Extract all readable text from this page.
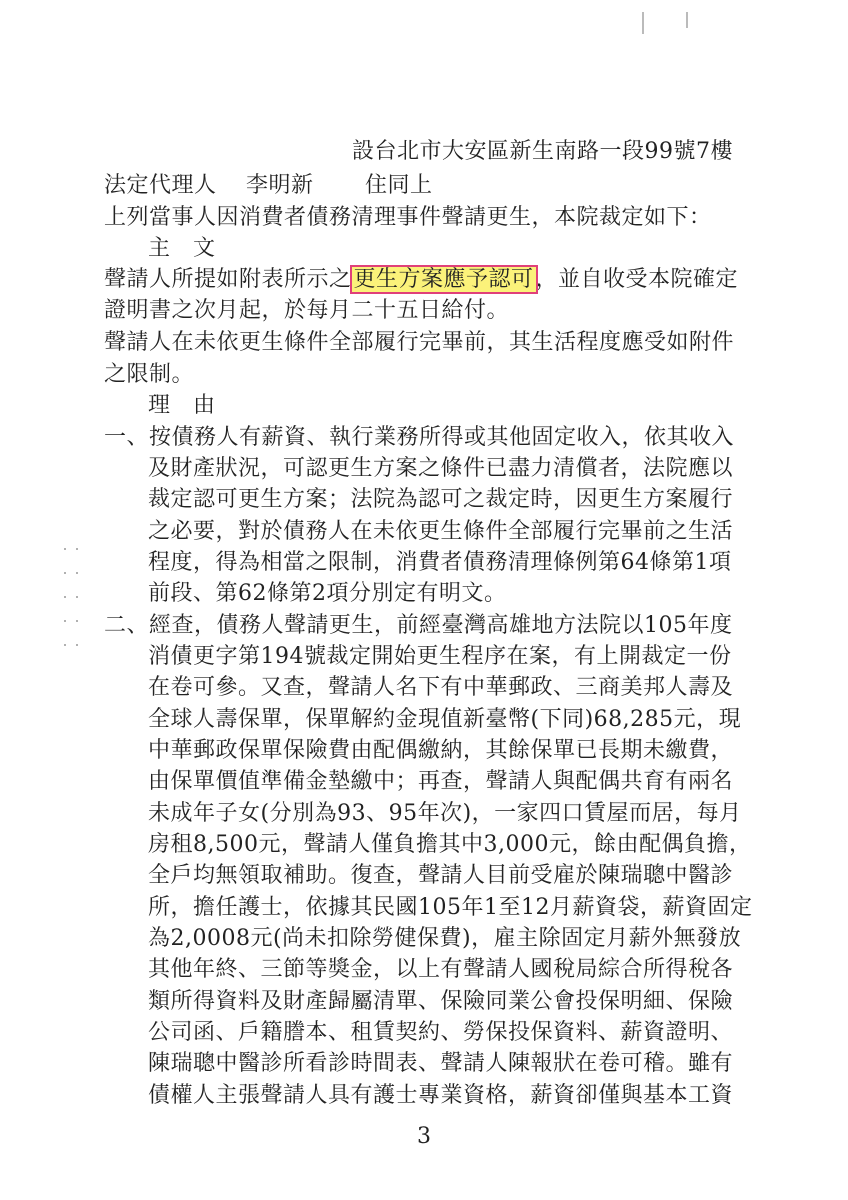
設台北市大安區新生南路一段99號7樓
法定代理人 李明新 住同上
上列當事人因消費者債務清理事件聲請更生，本院裁定如下：
主　文
聲請人所提如附表所示之更生方案應予認可，並自收受本院確定
證明書之次月起，於每月二十五日給付。
聲請人在未依更生條件全部履行完畢前，其生活程度應受如附件
之限制。
理　由
一、按債務人有薪資、執行業務所得或其他固定收入，依其收入
及財產狀況，可認更生方案之條件已盡力清償者，法院應以
裁定認可更生方案；法院為認可之裁定時，因更生方案履行
之必要，對於債務人在未依更生條件全部履行完畢前之生活
程度，得為相當之限制，消費者債務清理條例第64條第1項
前段、第62條第2項分別定有明文。
二、經查，債務人聲請更生，前經臺灣高雄地方法院以105年度
消債更字第194號裁定開始更生程序在案，有上開裁定一份
在卷可參。又查，聲請人名下有中華郵政、三商美邦人壽及
全球人壽保單，保單解約金現值新臺幣(下同)68,285元，現
中華郵政保單保險費由配偶繳納，其餘保單已長期未繳費，
由保單價值準備金墊繳中；再查，聲請人與配偶共育有兩名
未成年子女(分別為93、95年次)，一家四口賃屋而居，每月
房租8,500元，聲請人僅負擔其中3,000元，餘由配偶負擔，
全戶均無領取補助。復查，聲請人目前受雇於陳瑞聰中醫診
所，擔任護士，依據其民國105年1至12月薪資袋，薪資固定
為2,0008元(尚未扣除勞健保費)，雇主除固定月薪外無發放
其他年終、三節等獎金，以上有聲請人國稅局綜合所得稅各
類所得資料及財產歸屬清單、保險同業公會投保明細、保險
公司函、戶籍謄本、租賃契約、勞保投保資料、薪資證明、
陳瑞聰中醫診所看診時間表、聲請人陳報狀在卷可稽。雖有
債權人主張聲請人具有護士專業資格，薪資卻僅與基本工資
3
